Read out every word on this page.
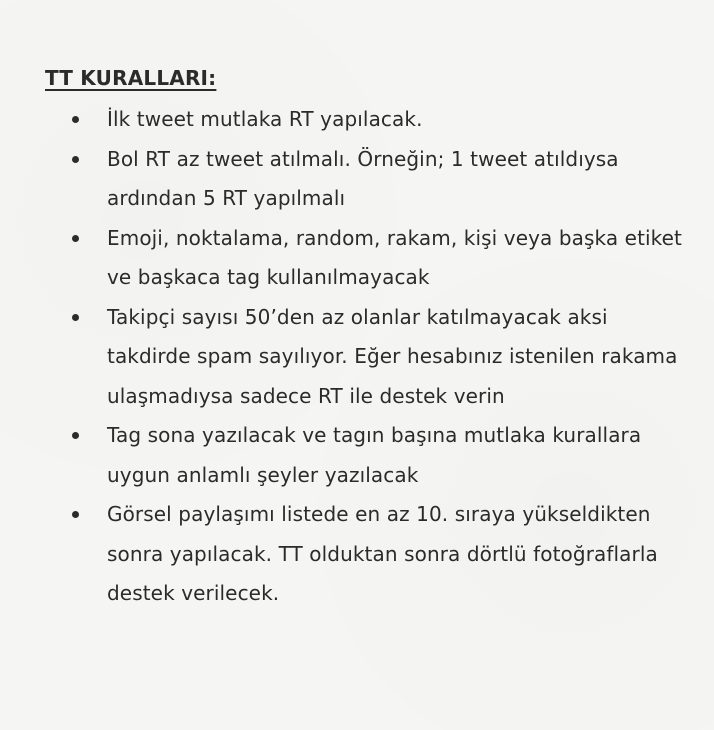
TT KURALLARI:
İlk tweet mutlaka RT yapılacak.
Bol RT az tweet atılmalı. Örneğin; 1 tweet atıldıysa ardından 5 RT yapılmalı
Emoji, noktalama, random, rakam, kişi veya başka etiket ve başkaca tag kullanılmayacak
Takipçi sayısı 50’den az olanlar katılmayacak aksi takdirde spam sayılıyor. Eğer hesabınız istenilen rakama ulaşmadıysa sadece RT ile destek verin
Tag sona yazılacak ve tagın başına mutlaka kurallara uygun anlamlı şeyler yazılacak
Görsel paylaşımı listede en az 10. sıraya yükseldikten sonra yapılacak. TT olduktan sonra dörtlü fotoğraflarla destek verilecek.
